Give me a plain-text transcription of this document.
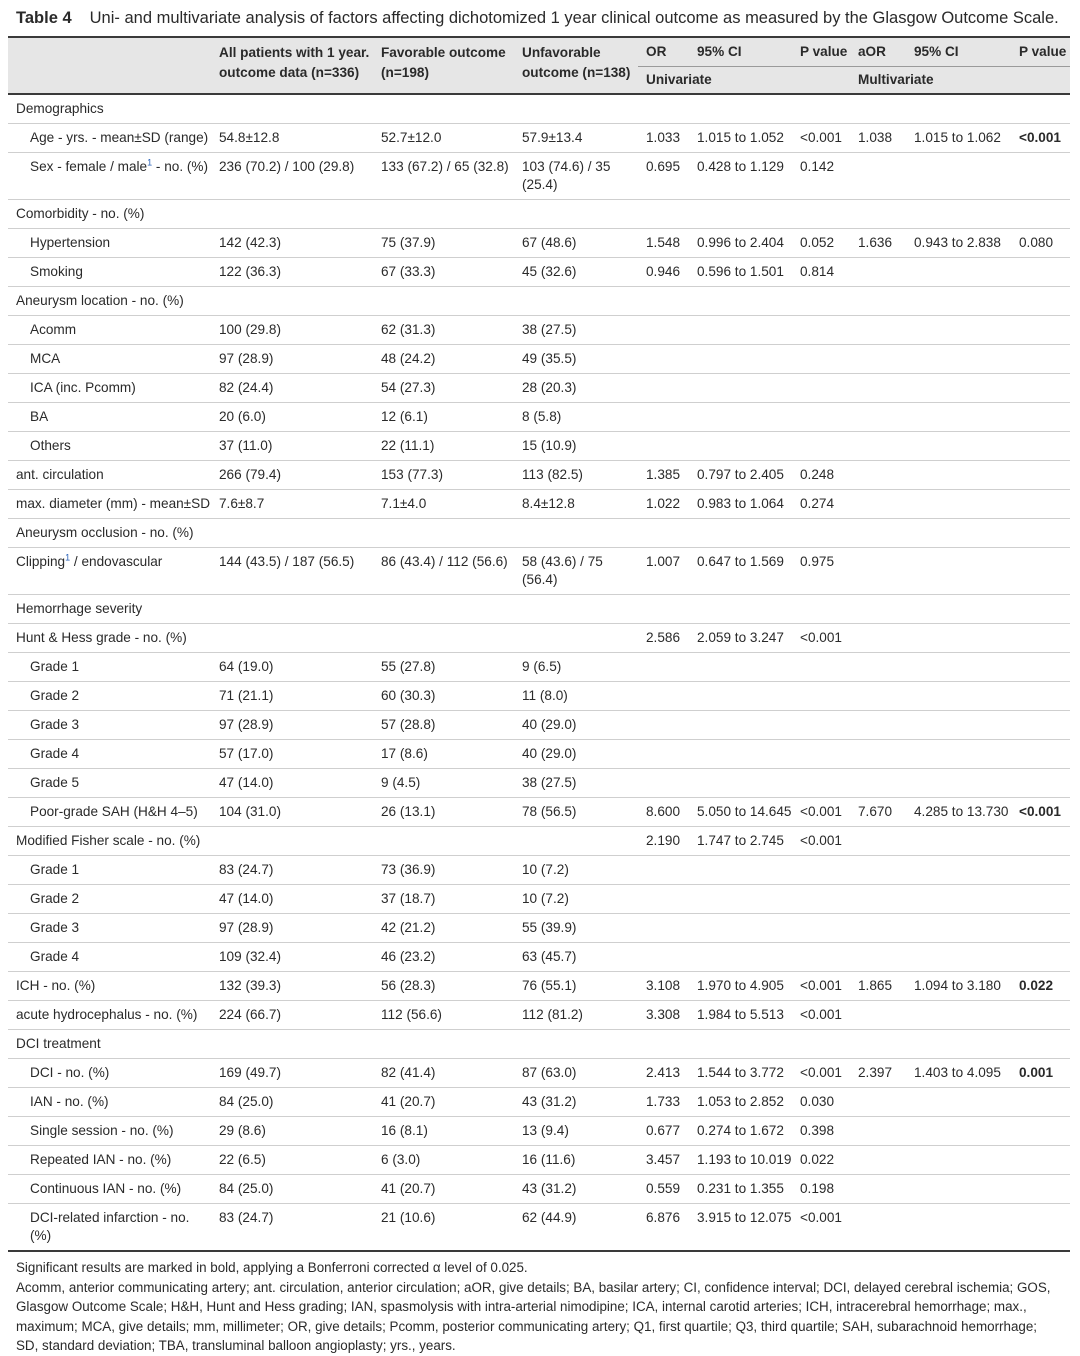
Table 4 Uni- and multivariate analysis of factors affecting dichotomized 1 year clinical outcome as measured by the Glasgow Outcome Scale.
	All patients with 1 year. outcome data (n=336)	Favorable outcome (n=198)	Unfavorable outcome (n=138)	OR	95% CI	P value	aOR	95% CI	P value
				Univariate			Multivariate		
Demographics									
Age - yrs. - mean±SD (range)	54.8±12.8	52.7±12.0	57.9±13.4	1.033	1.015 to 1.052	<0.001	1.038	1.015 to 1.062	<0.001
Sex - female / male$^1$ - no. (%)	236 (70.2) / 100 (29.8)	133 (67.2) / 65 (32.8)	103 (74.6) / 35 (25.4)	0.695	0.428 to 1.129	0.142			
Comorbidity - no. (%)									
Hypertension	142 (42.3)	75 (37.9)	67 (48.6)	1.548	0.996 to 2.404	0.052	1.636	0.943 to 2.838	0.080
Smoking	122 (36.3)	67 (33.3)	45 (32.6)	0.946	0.596 to 1.501	0.814			
Aneurysm location - no. (%)									
Acomm	100 (29.8)	62 (31.3)	38 (27.5)						
MCA	97 (28.9)	48 (24.2)	49 (35.5)						
ICA (inc. Pcomm)	82 (24.4)	54 (27.3)	28 (20.3)						
BA	20 (6.0)	12 (6.1)	8 (5.8)						
Others	37 (11.0)	22 (11.1)	15 (10.9)						
ant. circulation	266 (79.4)	153 (77.3)	113 (82.5)	1.385	0.797 to 2.405	0.248			
max. diameter (mm) - mean±SD	7.6±8.7	7.1±4.0	8.4±12.8	1.022	0.983 to 1.064	0.274			
Aneurysm occlusion - no. (%)									
Clipping$^1$ / endovascular	144 (43.5) / 187 (56.5)	86 (43.4) / 112 (56.6)	58 (43.6) / 75 (56.4)	1.007	0.647 to 1.569	0.975			
Hemorrhage severity									
Hunt & Hess grade - no. (%)				2.586	2.059 to 3.247	<0.001			
Grade 1	64 (19.0)	55 (27.8)	9 (6.5)						
Grade 2	71 (21.1)	60 (30.3)	11 (8.0)						
Grade 3	97 (28.9)	57 (28.8)	40 (29.0)						
Grade 4	57 (17.0)	17 (8.6)	40 (29.0)						
Grade 5	47 (14.0)	9 (4.5)	38 (27.5)						
Poor-grade SAH (H&H 4–5)	104 (31.0)	26 (13.1)	78 (56.5)	8.600	5.050 to 14.645	<0.001	7.670	4.285 to 13.730	<0.001
Modified Fisher scale - no. (%)				2.190	1.747 to 2.745	<0.001			
Grade 1	83 (24.7)	73 (36.9)	10 (7.2)						
Grade 2	47 (14.0)	37 (18.7)	10 (7.2)						
Grade 3	97 (28.9)	42 (21.2)	55 (39.9)						
Grade 4	109 (32.4)	46 (23.2)	63 (45.7)						
ICH - no. (%)	132 (39.3)	56 (28.3)	76 (55.1)	3.108	1.970 to 4.905	<0.001	1.865	1.094 to 3.180	0.022
acute hydrocephalus - no. (%)	224 (66.7)	112 (56.6)	112 (81.2)	3.308	1.984 to 5.513	<0.001			
DCI treatment									
DCI - no. (%)	169 (49.7)	82 (41.4)	87 (63.0)	2.413	1.544 to 3.772	<0.001	2.397	1.403 to 4.095	0.001
IAN - no. (%)	84 (25.0)	41 (20.7)	43 (31.2)	1.733	1.053 to 2.852	0.030			
Single session - no. (%)	29 (8.6)	16 (8.1)	13 (9.4)	0.677	0.274 to 1.672	0.398			
Repeated IAN - no. (%)	22 (6.5)	6 (3.0)	16 (11.6)	3.457	1.193 to 10.019	0.022			
Continuous IAN - no. (%)	84 (25.0)	41 (20.7)	43 (31.2)	0.559	0.231 to 1.355	0.198			
DCI-related infarction - no. (%)	83 (24.7)	21 (10.6)	62 (44.9)	6.876	3.915 to 12.075	<0.001			

Significant results are marked in bold, applying a Bonferroni corrected α level of 0.025.

Acomm, anterior communicating artery; ant. circulation, anterior circulation; aOR, give details; BA, basilar artery; CI, confidence interval; DCI, delayed cerebral ischemia; GOS, Glasgow Outcome Scale; H&H, Hunt and Hess grading; IAN, spasmolysis with intra-arterial nimodipine; ICA, internal carotid arteries; ICH, intracerebral hemorrhage; max., maximum; MCA, give details; mm, millimeter; OR, give details; Pcomm, posterior communicating artery; Q1, first quartile; Q3, third quartile; SAH, subarachnoid hemorrhage; SD, standard deviation; TBA, transluminal balloon angioplasty; yrs., years.
